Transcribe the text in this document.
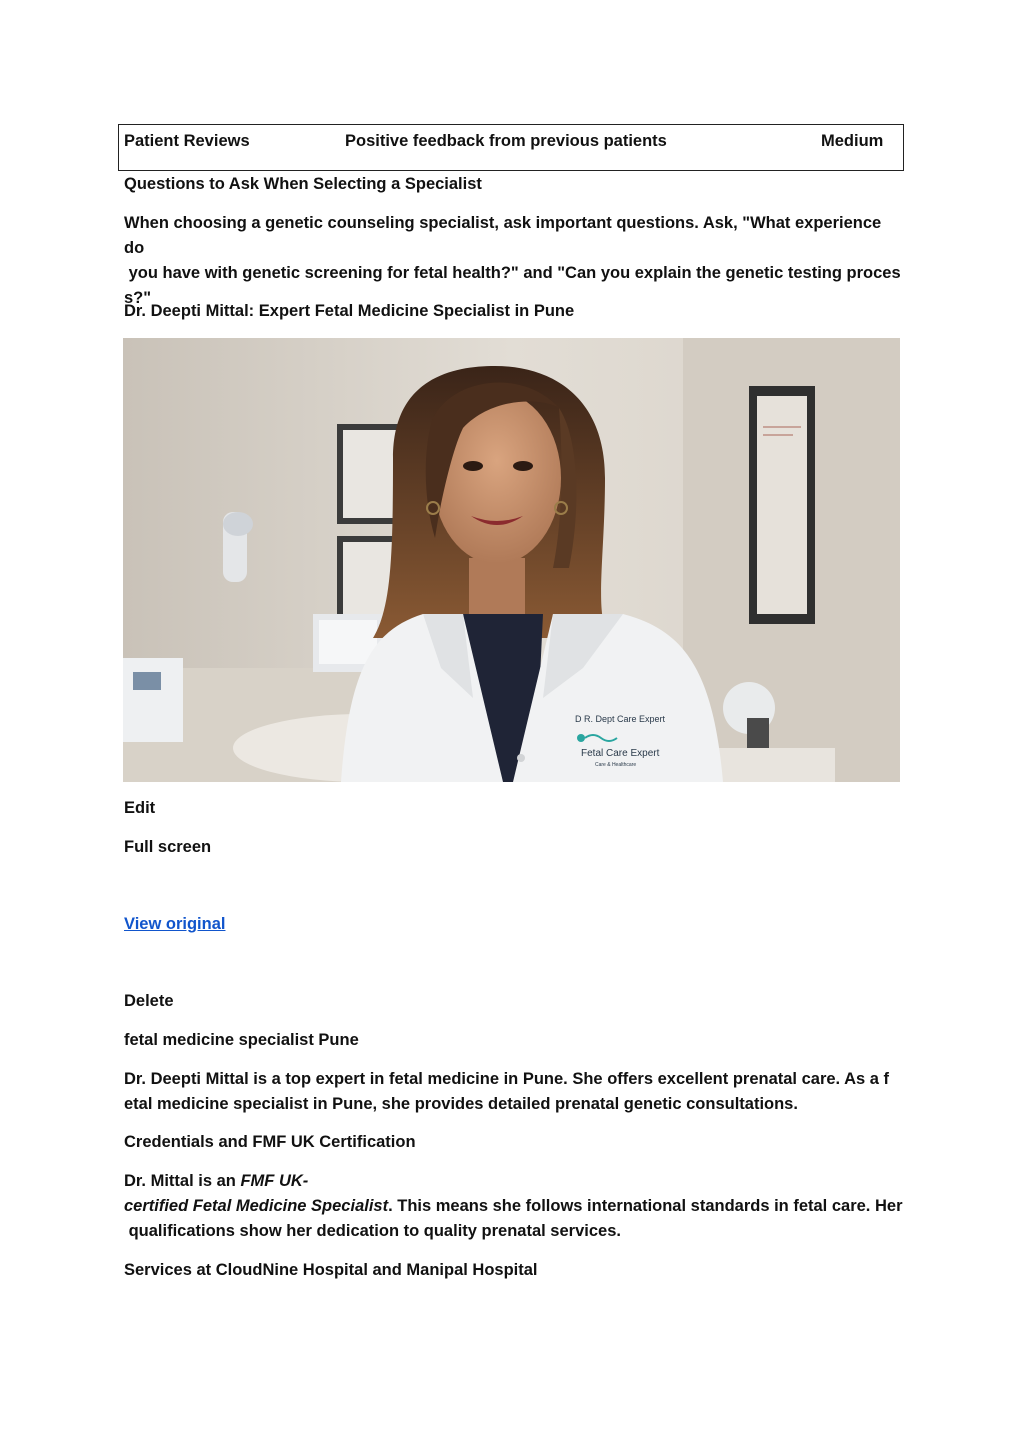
Patient Reviews	Positive feedback from previous patients	Medium

Questions to Ask When Selecting a Specialist

When choosing a genetic counseling specialist, ask important questions. Ask, "What experience do
you have with genetic screening for fetal health?" and "Can you explain the genetic testing proces
s?"

Dr. Deepti Mittal: Expert Fetal Medicine Specialist in Pune

D R. Dept Care Expert
Fetal Care Expert
Care & Healthcare

Edit

Full screen

View original

Delete

fetal medicine specialist Pune

Dr. Deepti Mittal is a top expert in fetal medicine in Pune. She offers excellent prenatal care. As a f
etal medicine specialist in Pune, she provides detailed prenatal genetic consultations.

Credentials and FMF UK Certification

Dr. Mittal is an FMF UK-
certified Fetal Medicine Specialist. This means she follows international standards in fetal care. Her
qualifications show her dedication to quality prenatal services.

Services at CloudNine Hospital and Manipal Hospital
